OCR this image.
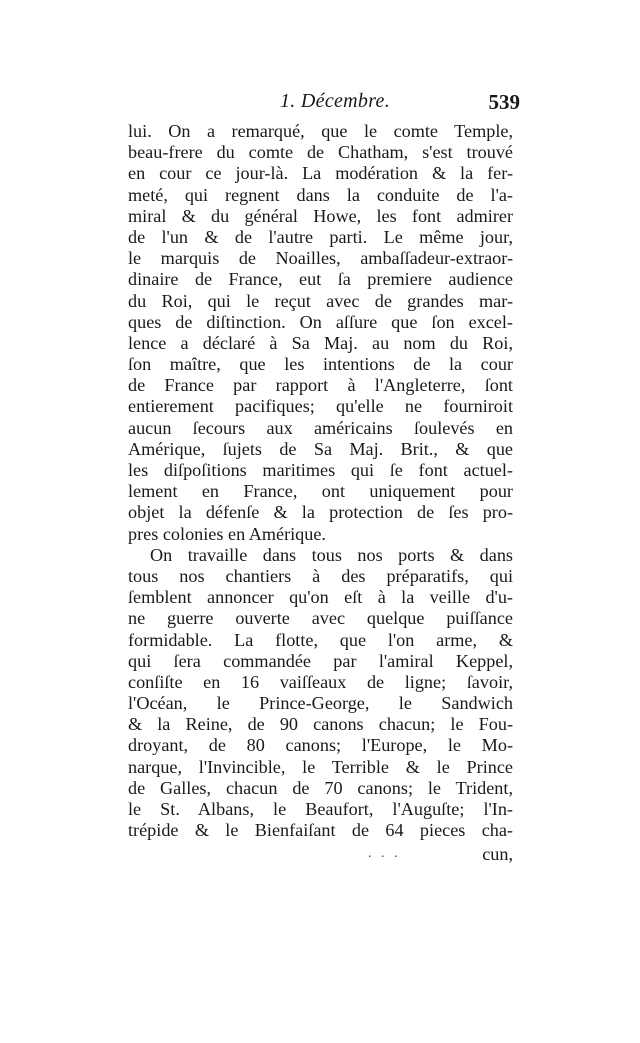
1. Décembre.	539
lui. On a remarqué, que le comte Temple,
beau-frere du comte de Chatham, s'est trouvé
en cour ce jour-là. La modération & la fer-
meté, qui regnent dans la conduite de l'a-
miral & du général Howe, les font admirer
de l'un & de l'autre parti. Le même jour,
le marquis de Noailles, ambaſſadeur-extraor-
dinaire de France, eut ſa premiere audience
du Roi, qui le reçut avec de grandes mar-
ques de diſtinction. On aſſure que ſon excel-
lence a déclaré à Sa Maj. au nom du Roi,
ſon maître, que les intentions de la cour
de France par rapport à l'Angleterre, ſont
entierement pacifiques; qu'elle ne fourniroit
aucun ſecours aux américains ſoulevés en
Amérique, ſujets de Sa Maj. Brit., & que
les diſpoſitions maritimes qui ſe font actuel-
lement en France, ont uniquement pour
objet la défenſe & la protection de ſes pro-
pres colonies en Amérique.
On travaille dans tous nos ports & dans
tous nos chantiers à des préparatifs, qui
ſemblent annoncer qu'on eſt à la veille d'u-
ne guerre ouverte avec quelque puiſſance
formidable. La flotte, que l'on arme, &
qui ſera commandée par l'amiral Keppel,
conſiſte en 16 vaiſſeaux de ligne; ſavoir,
l'Océan, le Prince-George, le Sandwich
& la Reine, de 90 canons chacun; le Fou-
droyant, de 80 canons; l'Europe, le Mo-
narque, l'Invincible, le Terrible & le Prince
de Galles, chacun de 70 canons; le Trident,
le St. Albans, le Beaufort, l'Auguſte; l'In-
trépide & le Bienfaiſant de 64 pieces cha-
. . .	cun,
